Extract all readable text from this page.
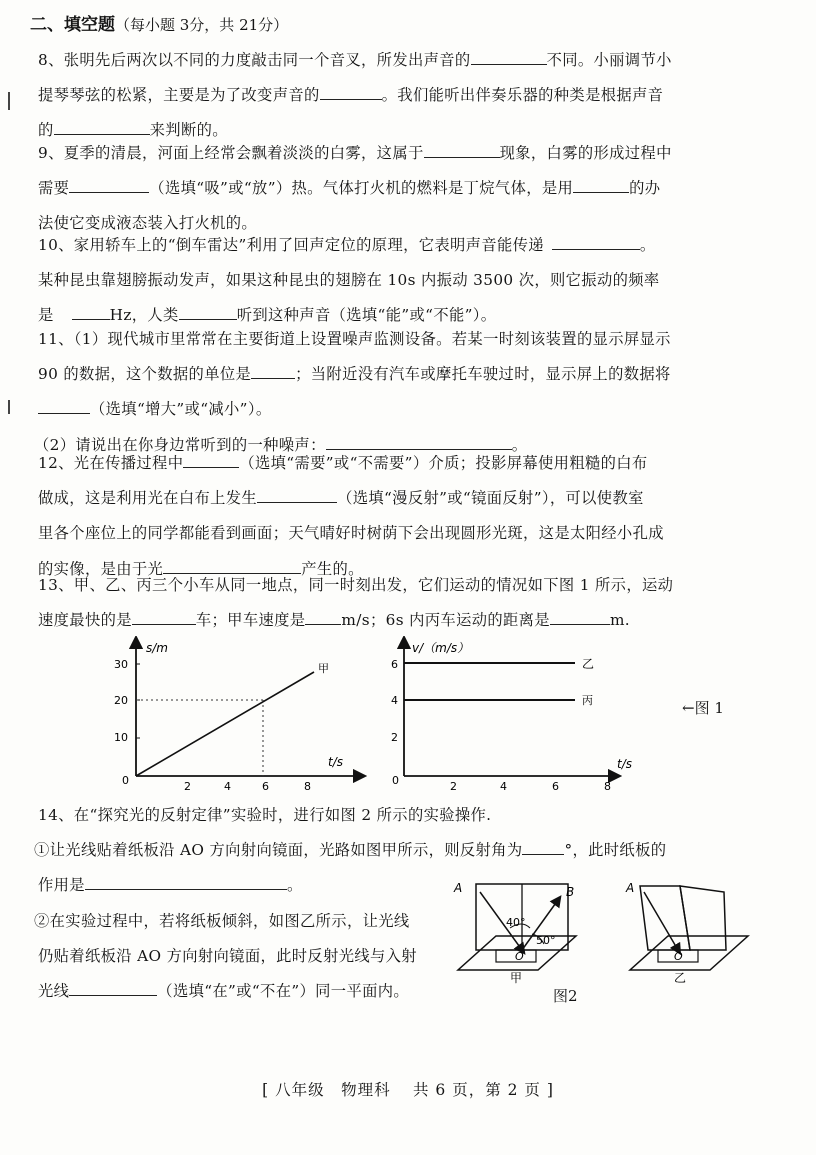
二、填空题（每小题 3分，共 21分）

8、张明先后两次以不同的力度敲击同一个音叉，所发出声音的	不同。小丽调节小

提琴琴弦的松紧，主要是为了改变声音的	。我们能听出伴奏乐器的种类是根据声音

的	来判断的。

9、夏季的清晨，河面上经常会飘着淡淡的白雾，这属于	现象，白雾的形成过程中

需要	（选填“吸”或“放”）热。气体打火机的燃料是丁烷气体，是用	的办

法使它变成液态装入打火机的。

10、家用轿车上的“倒车雷达”利用了回声定位的原理，它表明声音能传递	。

某种昆虫靠翅膀振动发声，如果这种昆虫的翅膀在 10s 内振动 3500 次，则它振动的频率

是	Hz，人类	听到这种声音（选填“能”或“不能”）。

11、（1）现代城市里常常在主要街道上设置噪声监测设备。若某一时刻该装置的显示屏显示

90 的数据，这个数据的单位是	；当附近没有汽车或摩托车驶过时，显示屏上的数据将

（选填“增大”或“减小”）。

（2）请说出在你身边常听到的一种噪声：	。

12、光在传播过程中	（选填“需要”或“不需要”）介质；投影屏幕使用粗糙的白布

做成，这是利用光在白布上发生	（选填“漫反射”或“镜面反射”），可以使教室

里各个座位上的同学都能看到画面；天气晴好时树荫下会出现圆形光斑，这是太阳经小孔成

的实像，是由于光	产生的。

13、甲、乙、丙三个小车从同一地点，同一时刻出发，它们运动的情况如下图 1 所示，运动

速度最快的是	车；甲车速度是 m/s；6s 内丙车运动的距离是	m.

s/m
t/s
30
20
10
0	2	4	6	8
甲
v/（m/s）
t/s
6
4
2
0	2	4	6	8
乙
丙	←图 1

14、在“探究光的反射定律”实验时，进行如图 2 所示的实验操作.

①让光线贴着纸板沿 AO 方向射向镜面，光路如图甲所示，则反射角为	°，此时纸板的

作用是	。

②在实验过程中，若将纸板倾斜，如图乙所示，让光线

仍贴着纸板沿 AO 方向射向镜面，此时反射光线与入射

光线	（选填“在”或“不在”）同一平面内。

A	B
40°
50°
O
甲
A
O
乙
图2
[ 八年级　物理科　 共 6 页，第 2 页 ]
